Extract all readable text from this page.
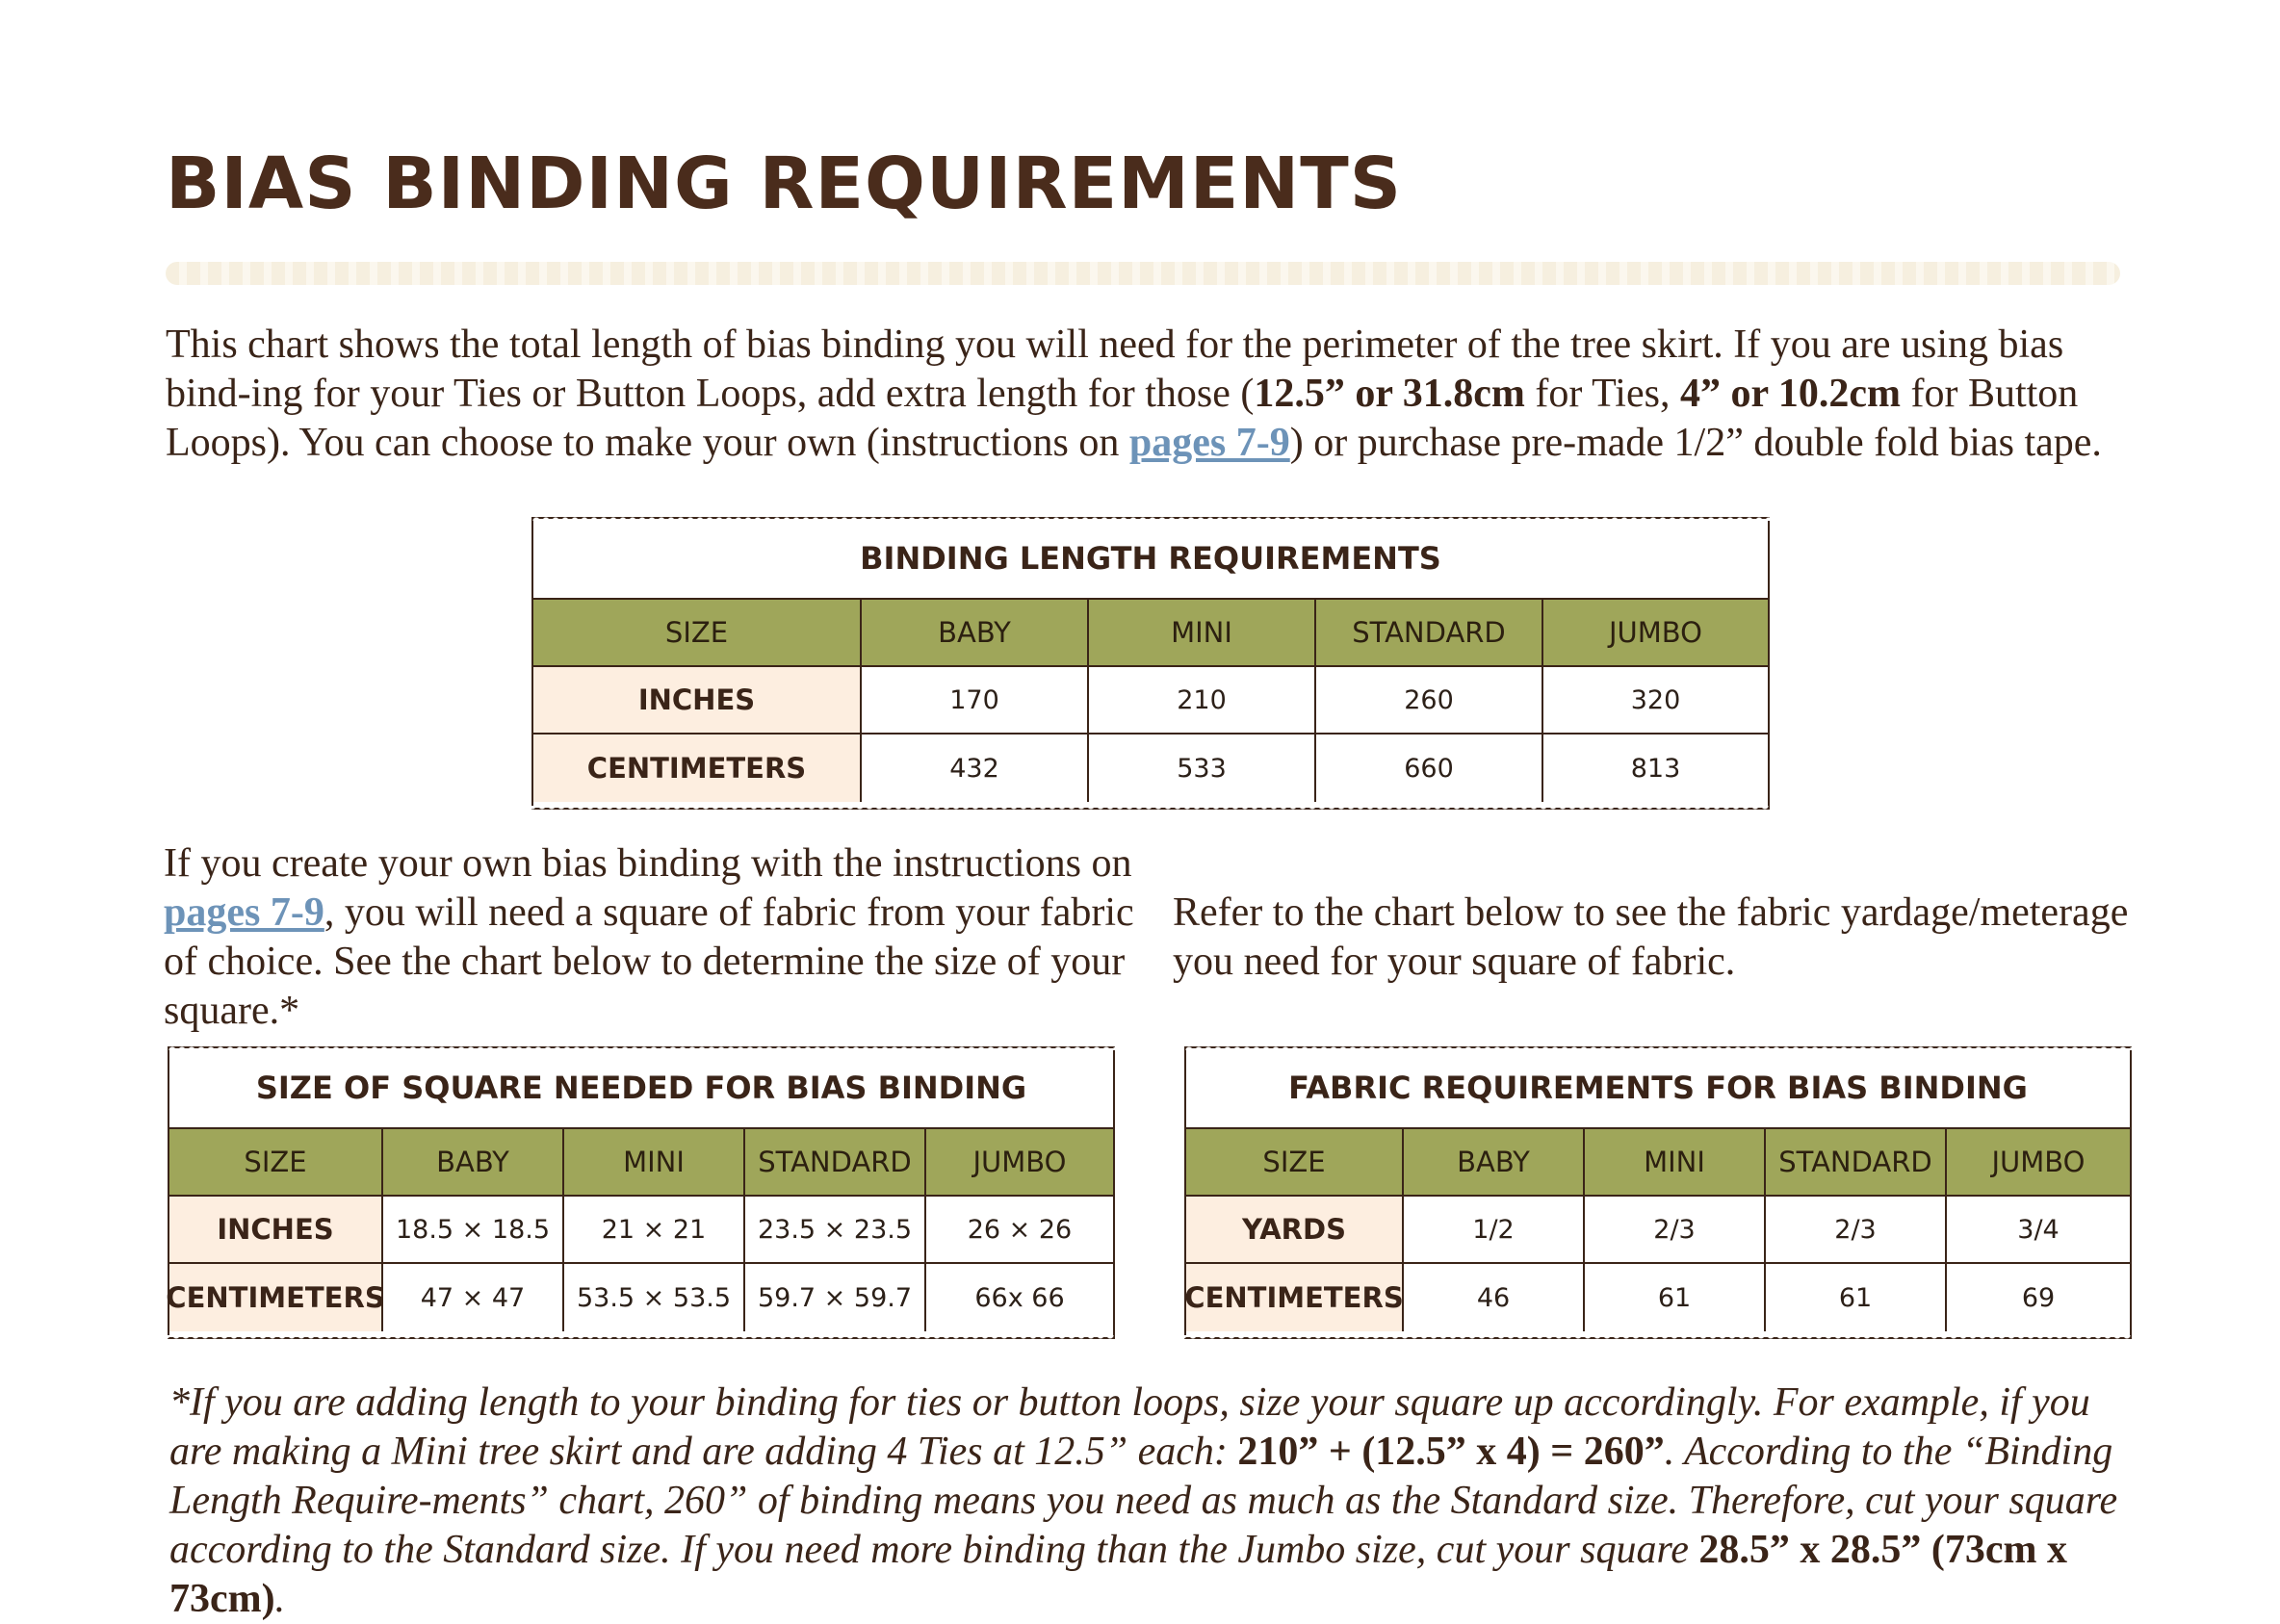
BIAS BINDING REQUIREMENTS

This chart shows the total length of bias binding you will need for the perimeter of the tree skirt. If you are using bias bind-ing for your Ties or Button Loops, add extra length for those (12.5” or 31.8cm for Ties, 4” or 10.2cm for Button Loops). You can choose to make your own (instructions on pages 7-9) or purchase pre-made 1/2” double fold bias tape.

BINDING LENGTH REQUIREMENTS
SIZE	BABY	MINI	STANDARD	JUMBO
INCHES	170	210	260	320
CENTIMETERS	432	533	660	813

If you create your own bias binding with the instructions on pages 7-9, you will need a square of fabric from your fabric of choice. See the chart below to determine the size of your square.*

Refer to the chart below to see the fabric yardage/meterage you need for your square of fabric.

SIZE OF SQUARE NEEDED FOR BIAS BINDING
SIZE	BABY	MINI	STANDARD	JUMBO
INCHES	18.5 × 18.5	21 × 21	23.5 × 23.5	26 × 26
CENTIMETERS	47 × 47	53.5 × 53.5	59.7 × 59.7	66x 66
FABRIC REQUIREMENTS FOR BIAS BINDING
SIZE	BABY	MINI	STANDARD	JUMBO
YARDS	1/2	2/3	2/3	3/4
CENTIMETERS	46	61	61	69

*If you are adding length to your binding for ties or button loops, size your square up accordingly. For example, if you are making a Mini tree skirt and are adding 4 Ties at 12.5” each: 210” + (12.5” x 4) = 260”. According to the “Binding Length Require-ments” chart, 260” of binding means you need as much as the Standard size. Therefore, cut your square according to the Standard size. If you need more binding than the Jumbo size, cut your square 28.5” x 28.5” (73cm x 73cm).
